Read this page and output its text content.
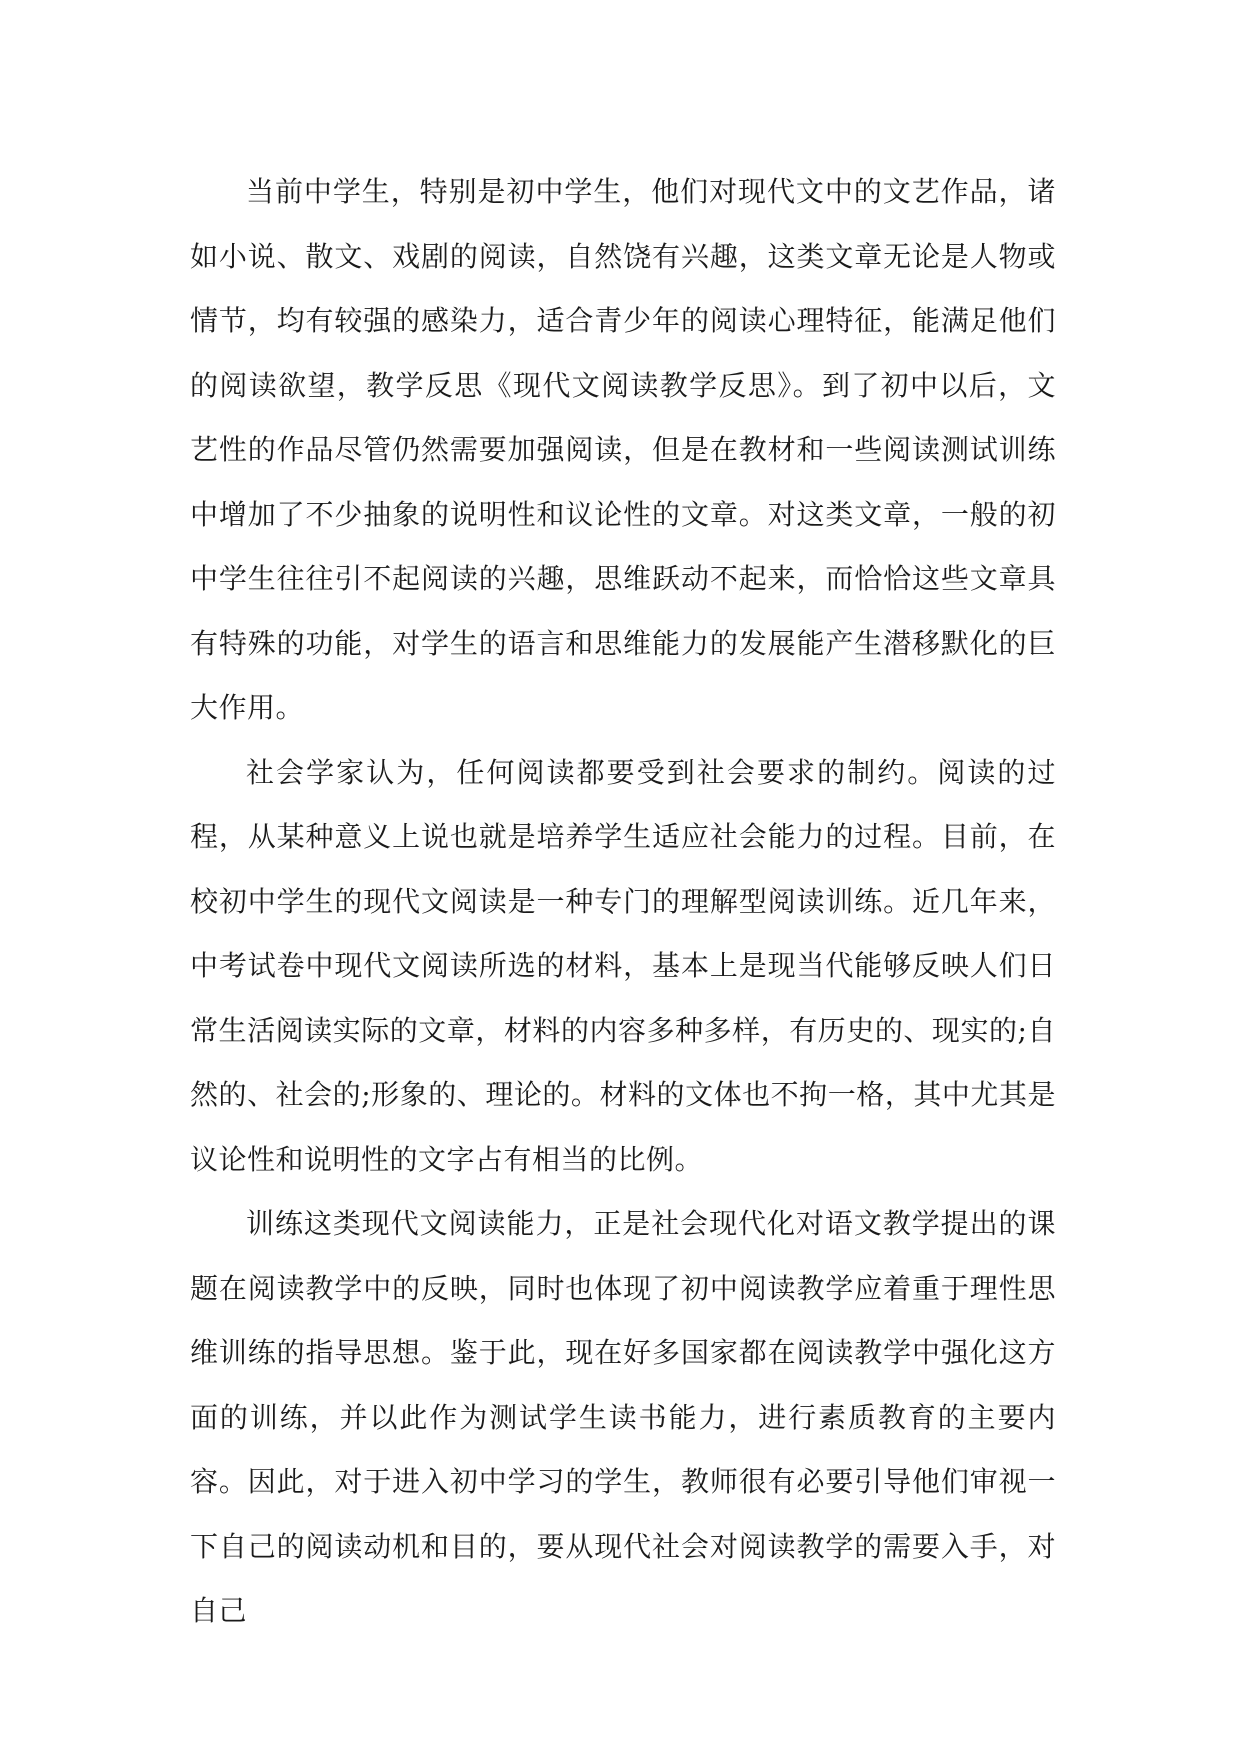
当前中学生，特别是初中学生，他们对现代文中的文艺作品，诸如小说、散文、戏剧的阅读，自然饶有兴趣，这类文章无论是人物或情节，均有较强的感染力，适合青少年的阅读心理特征，能满足他们的阅读欲望，教学反思《现代文阅读教学反思》。到了初中以后，文艺性的作品尽管仍然需要加强阅读，但是在教材和一些阅读测试训练中增加了不少抽象的说明性和议论性的文章。对这类文章，一般的初中学生往往引不起阅读的兴趣，思维跃动不起来，而恰恰这些文章具有特殊的功能，对学生的语言和思维能力的发展能产生潜移默化的巨大作用。

社会学家认为，任何阅读都要受到社会要求的制约。阅读的过程，从某种意义上说也就是培养学生适应社会能力的过程。目前，在校初中学生的现代文阅读是一种专门的理解型阅读训练。近几年来，中考试卷中现代文阅读所选的材料，基本上是现当代能够反映人们日常生活阅读实际的文章，材料的内容多种多样，有历史的、现实的;自然的、社会的;形象的、理论的。材料的文体也不拘一格，其中尤其是议论性和说明性的文字占有相当的比例。

训练这类现代文阅读能力，正是社会现代化对语文教学提出的课题在阅读教学中的反映，同时也体现了初中阅读教学应着重于理性思维训练的指导思想。鉴于此，现在好多国家都在阅读教学中强化这方面的训练，并以此作为测试学生读书能力，进行素质教育的主要内容。因此，对于进入初中学习的学生，教师很有必要引导他们审视一下自己的阅读动机和目的，要从现代社会对阅读教学的需要入手，对自己
